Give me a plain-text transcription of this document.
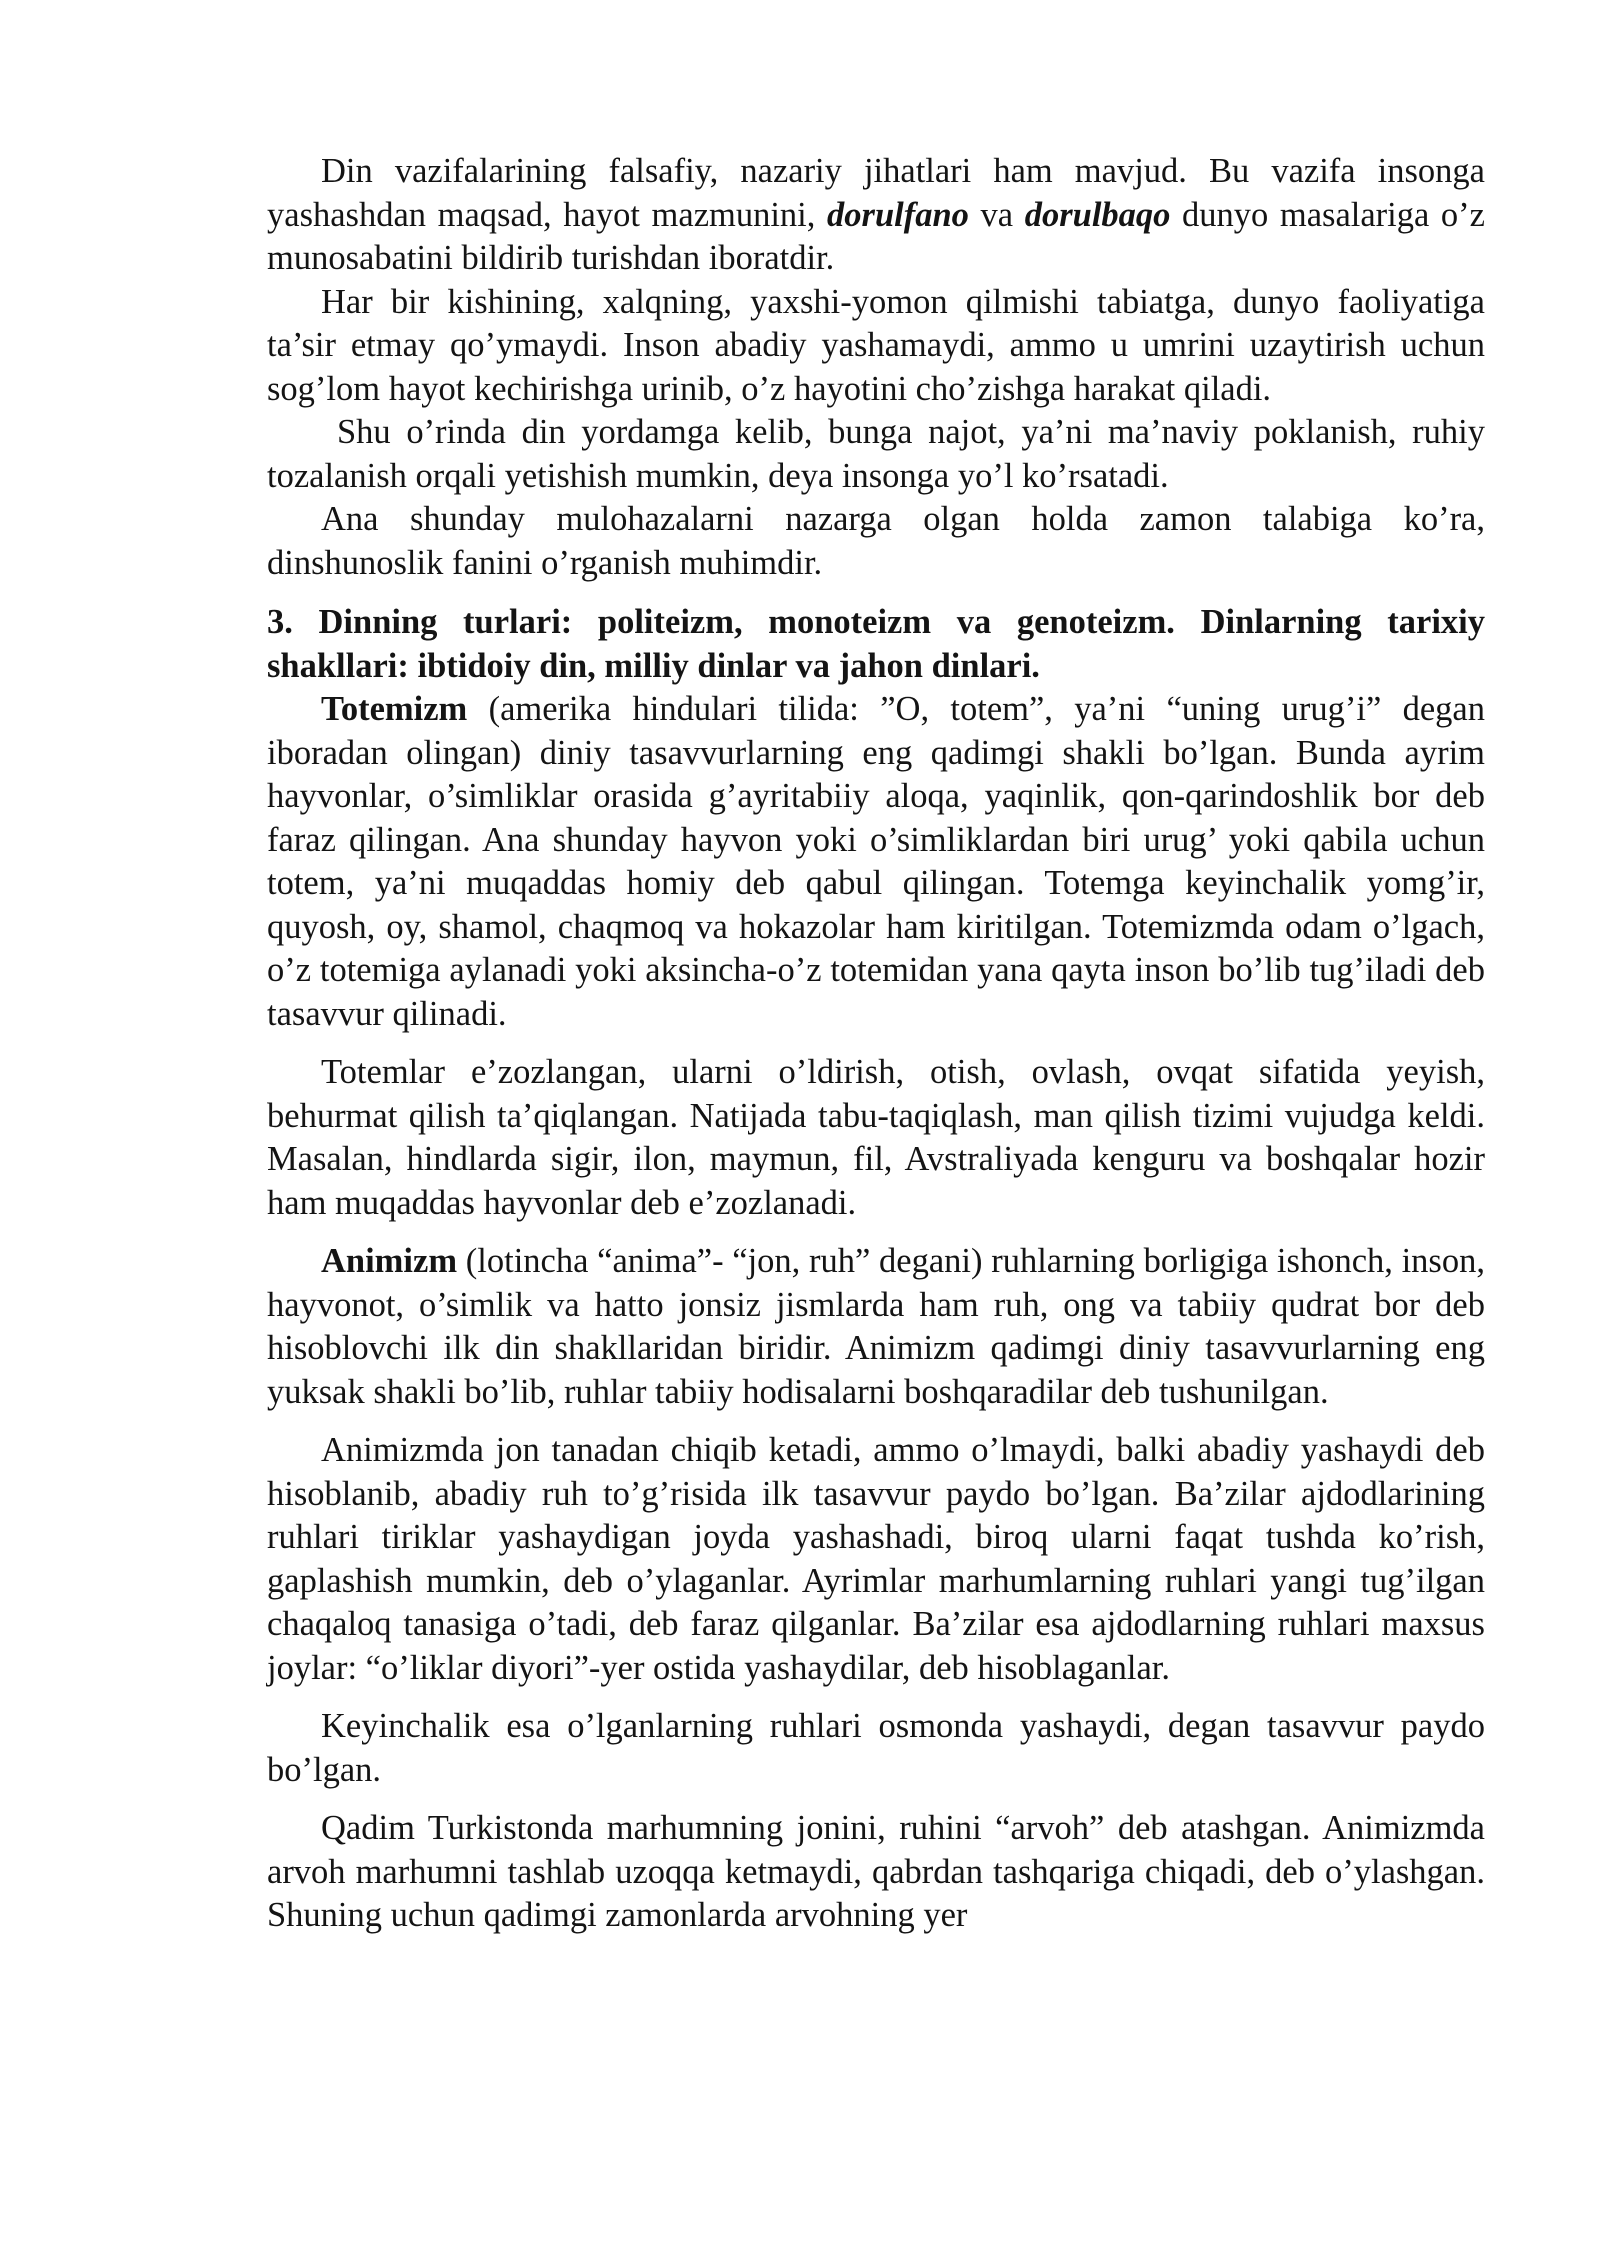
Din vazifalarining falsafiy, nazariy jihatlari ham mavjud. Bu vazifa insonga yashashdan maqsad, hayot mazmunini, dorulfano va dorulbaqo dunyo masalariga o’z munosabatini bildirib turishdan iboratdir.

Har bir kishining, xalqning, yaxshi-yomon qilmishi tabiatga, dunyo faoliyatiga ta’sir etmay qo’ymaydi. Inson abadiy yashamaydi, ammo u umrini uzaytirish uchun sog’lom hayot kechirishga urinib, o’z hayotini cho’zishga harakat qiladi.

Shu o’rinda din yordamga kelib, bunga najot, ya’ni ma’naviy poklanish, ruhiy tozalanish orqali yetishish mumkin, deya insonga yo’l ko’rsatadi.

Ana shunday mulohazalarni nazarga olgan holda zamon talabiga ko’ra, dinshunoslik fanini o’rganish muhimdir.

3. Dinning turlari: politeizm, monoteizm va genoteizm. Dinlarning tarixiy shakllari: ibtidoiy din, milliy dinlar va jahon dinlari.

Totemizm (amerika hindulari tilida: ”O, totem”, ya’ni “uning urug’i” degan iboradan olingan) diniy tasavvurlarning eng qadimgi shakli bo’lgan. Bunda ayrim hayvonlar, o’simliklar orasida g’ayritabiiy aloqa, yaqinlik, qon-qarindoshlik bor deb faraz qilingan. Ana shunday hayvon yoki o’simliklardan biri urug’ yoki qabila uchun totem, ya’ni muqaddas homiy deb qabul qilingan. Totemga keyinchalik yomg’ir, quyosh, oy, shamol, chaqmoq va hokazolar ham kiritilgan. Totemizmda odam o’lgach, o’z totemiga aylanadi yoki aksincha-o’z totemidan yana qayta inson bo’lib tug’iladi deb tasavvur qilinadi.

Totemlar e’zozlangan, ularni o’ldirish, otish, ovlash, ovqat sifatida yeyish, behurmat qilish ta’qiqlangan. Natijada tabu-taqiqlash, man qilish tizimi vujudga keldi. Masalan, hindlarda sigir, ilon, maymun, fil, Avstraliyada kenguru va boshqalar hozir ham muqaddas hayvonlar deb e’zozlanadi.

Animizm (lotincha “anima”- “jon, ruh” degani) ruhlarning borligiga ishonch, inson, hayvonot, o’simlik va hatto jonsiz jismlarda ham ruh, ong va tabiiy qudrat bor deb hisoblovchi ilk din shakllaridan biridir. Animizm qadimgi diniy tasavvurlarning eng yuksak shakli bo’lib, ruhlar tabiiy hodisalarni boshqaradilar deb tushunilgan.

Animizmda jon tanadan chiqib ketadi, ammo o’lmaydi, balki abadiy yashaydi deb hisoblanib, abadiy ruh to’g’risida ilk tasavvur paydo bo’lgan. Ba’zilar ajdodlarining ruhlari tiriklar yashaydigan joyda yashashadi, biroq ularni faqat tushda ko’rish, gaplashish mumkin, deb o’ylaganlar. Ayrimlar marhumlarning ruhlari yangi tug’ilgan chaqaloq tanasiga o’tadi, deb faraz qilganlar. Ba’zilar esa ajdodlarning ruhlari maxsus joylar: “o’liklar diyori”-yer ostida yashaydilar, deb hisoblaganlar.

Keyinchalik esa o’lganlarning ruhlari osmonda yashaydi, degan tasavvur paydo bo’lgan.

Qadim Turkistonda marhumning jonini, ruhini “arvoh” deb atashgan. Animizmda arvoh marhumni tashlab uzoqqa ketmaydi, qabrdan tashqariga chiqadi, deb o’ylashgan. Shuning uchun qadimgi zamonlarda arvohning yer
